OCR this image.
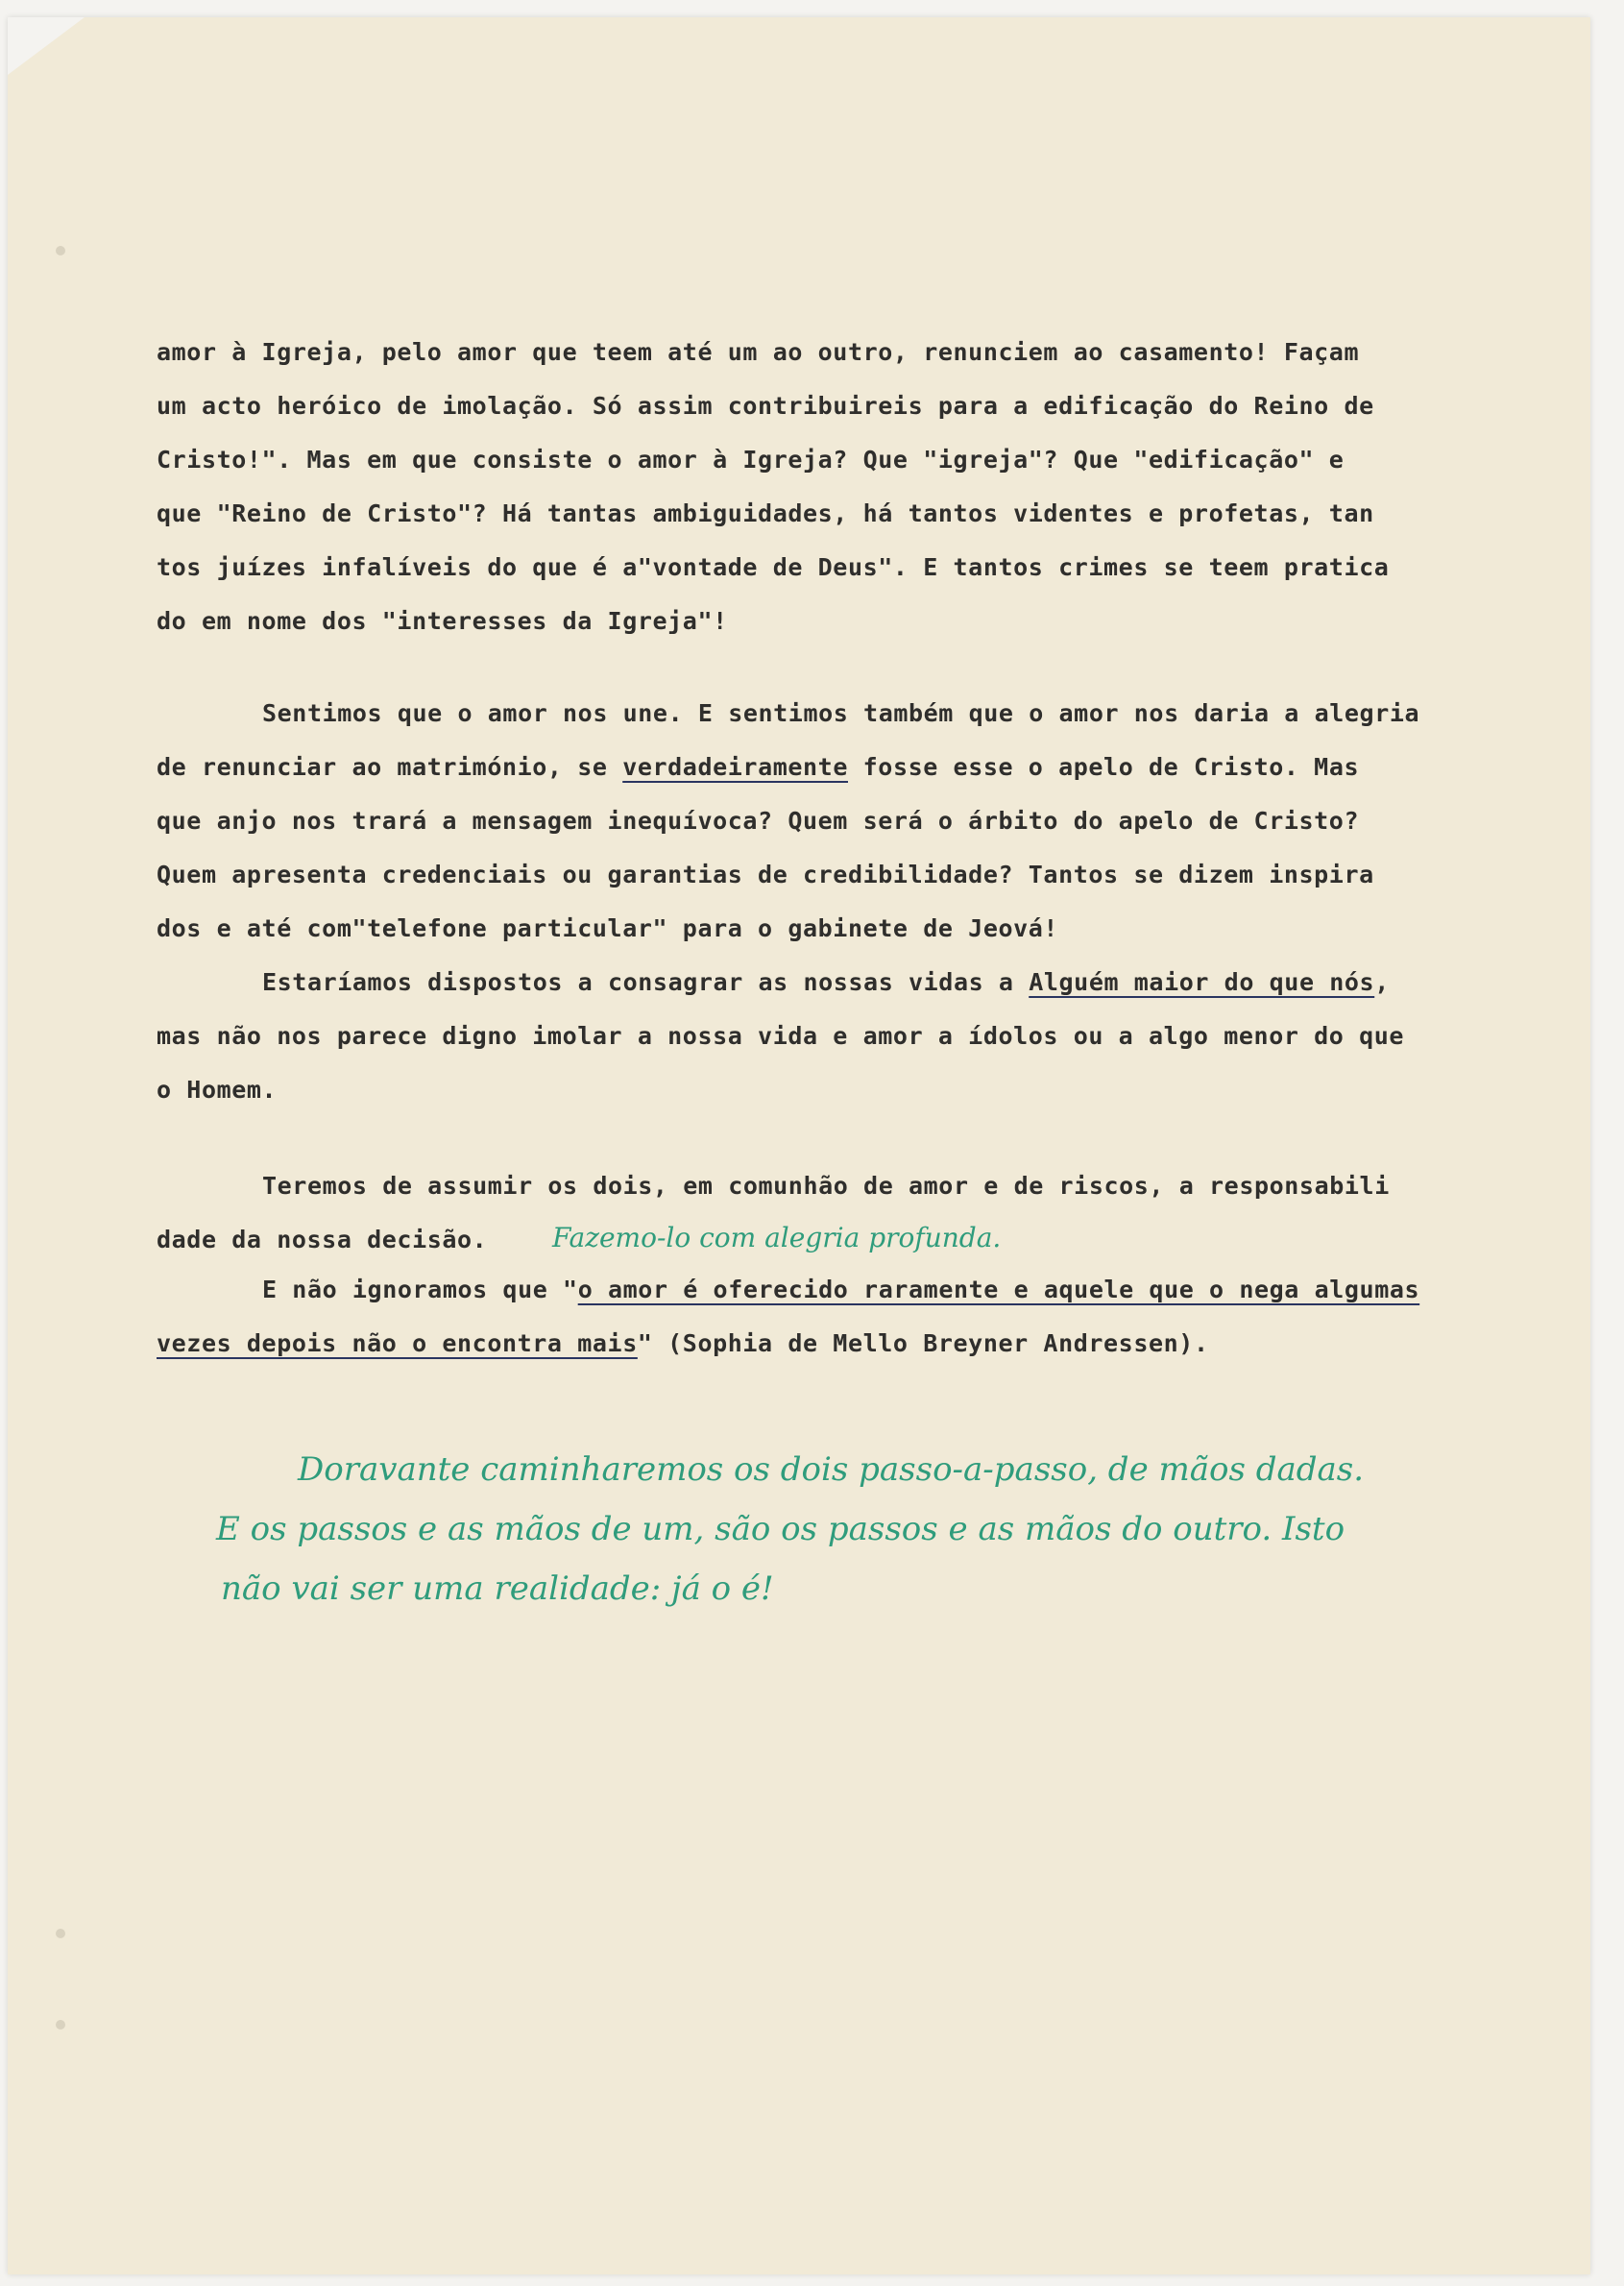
amor à Igreja, pelo amor que teem até um ao outro, renunciem ao casamento! Façam
um acto heróico de imolação. Só assim contribuireis para a edificação do Reino de
Cristo!". Mas em que consiste o amor à Igreja? Que "igreja"? Que "edificação" e
que "Reino de Cristo"? Há tantas ambiguidades, há tantos videntes e profetas, tan
tos juízes infalíveis do que é a"vontade de Deus". E tantos crimes se teem pratica
do em nome dos "interesses da Igreja"!
Sentimos que o amor nos une. E sentimos também que o amor nos daria a alegria
de renunciar ao matrimónio, se verdadeiramente fosse esse o apelo de Cristo. Mas
que anjo nos trará a mensagem inequívoca? Quem será o árbito do apelo de Cristo?
Quem apresenta credenciais ou garantias de credibilidade? Tantos se dizem inspira
dos e até com"telefone particular" para o gabinete de Jeová!
Estaríamos dispostos a consagrar as nossas vidas a Alguém maior do que nós,
mas não nos parece digno imolar a nossa vida e amor a ídolos ou a algo menor do que
o Homem.
Teremos de assumir os dois, em comunhão de amor e de riscos, a responsabili
dade da nossa decisão. Fazemo-lo com alegria profunda.
E não ignoramos que "o amor é oferecido raramente e aquele que o nega algumas
vezes depois não o encontra mais" (Sophia de Mello Breyner Andressen).
Doravante caminharemos os dois passo-a-passo, de mãos dadas.
E os passos e as mãos de um, são os passos e as mãos do outro. Isto
não vai ser uma realidade: já o é!
